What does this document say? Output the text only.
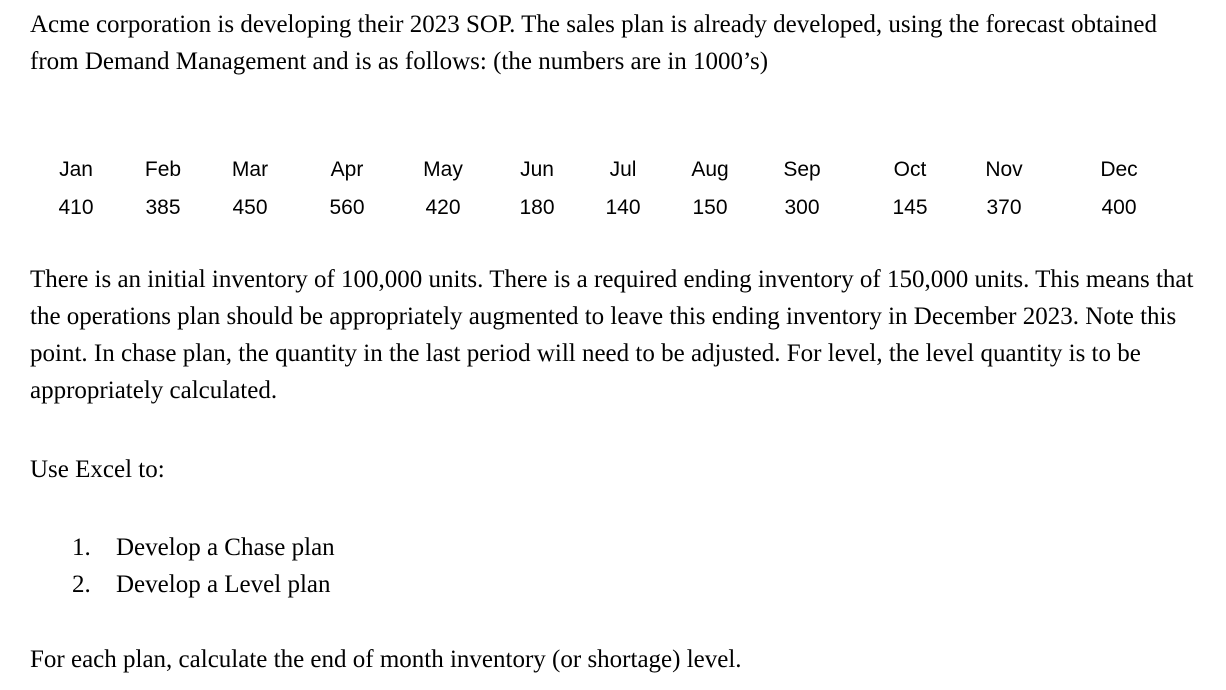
Acme corporation is developing their 2023 SOP. The sales plan is already developed, using the forecast obtained from Demand Management and is as follows: (the numbers are in 1000’s)

Jan
410
Feb
385
Mar
450
Apr
560
May
420
Jun
180
Jul
140
Aug
150
Sep
300
Oct
145
Nov
370
Dec
400

There is an initial inventory of 100,000 units. There is a required ending inventory of 150,000 units. This means that the operations plan should be appropriately augmented to leave this ending inventory in December 2023. Note this point. In chase plan, the quantity in the last period will need to be adjusted. For level, the level quantity is to be appropriately calculated.

Use Excel to:

1.	Develop a Chase plan
2.	Develop a Level plan

For each plan, calculate the end of month inventory (or shortage) level.
